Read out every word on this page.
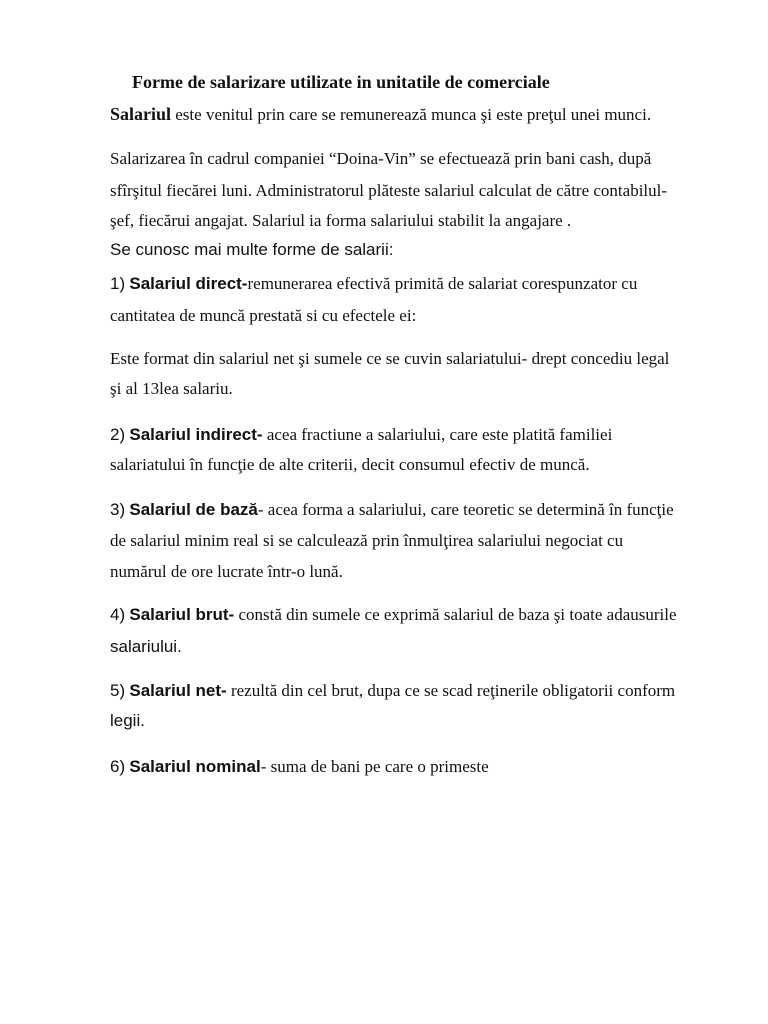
Forme de salarizare utilizate in unitatile de comerciale
Salariul este venitul prin care se remunerează munca şi este preţul unei munci.
Salarizarea în cadrul companiei “Doina-Vin” se efectuează prin bani cash, după
sfîrşitul fiecărei luni. Administratorul plăteste salariul calculat de către contabilul-
şef, fiecărui angajat. Salariul ia forma salariului stabilit la angajare .
Se cunosc mai multe forme de salarii:
1) Salariul direct-remunerarea efectivă primită de salariat corespunzator cu
cantitatea de muncă prestată si cu efectele ei:
Este format din salariul net şi sumele ce se cuvin salariatului- drept concediu legal
şi al 13lea salariu.
2) Salariul indirect- acea fractiune a salariului, care este platită familiei
salariatului în funcţie de alte criterii, decit consumul efectiv de muncă.
3) Salariul de bază- acea forma a salariului, care teoretic se determină în funcţie
de salariul minim real si se calculează prin înmulţirea salariului negociat cu
numărul de ore lucrate într-o lună.
4) Salariul brut- constă din sumele ce exprimă salariul de baza şi toate adausurile
salariului.
5) Salariul net- rezultă din cel brut, dupa ce se scad reţinerile obligatorii conform
legii.
6) Salariul nominal- suma de bani pe care o primeste
